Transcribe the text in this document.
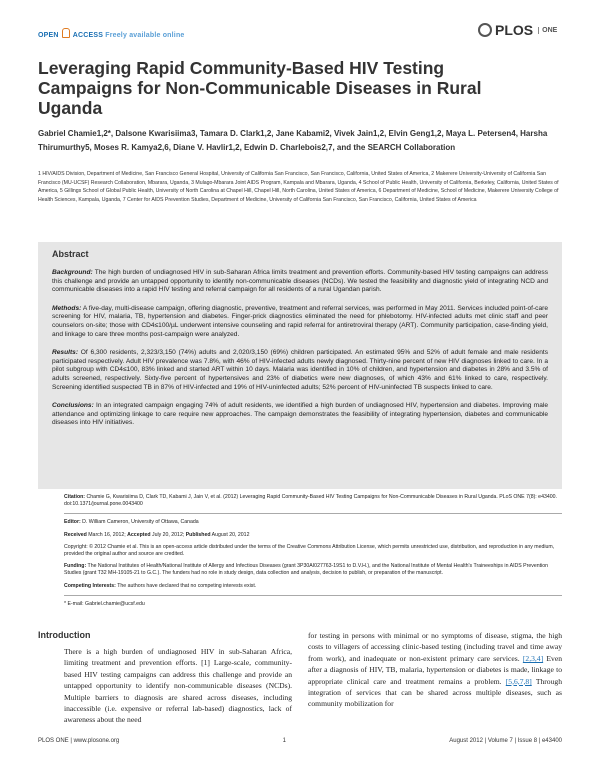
OPEN ACCESS Freely available online	PLOS	ONE
Leveraging Rapid Community-Based HIV Testing Campaigns for Non-Communicable Diseases in Rural Uganda
Gabriel Chamie1,2*, Dalsone Kwarisiima3, Tamara D. Clark1,2, Jane Kabami2, Vivek Jain1,2, Elvin Geng1,2, Maya L. Petersen4, Harsha Thirumurthy5, Moses R. Kamya2,6, Diane V. Havlir1,2, Edwin D. Charlebois2,7, and the SEARCH Collaboration
1 HIV/AIDS Division, Department of Medicine, San Francisco General Hospital, University of California San Francisco, San Francisco, California, United States of America, 2 Makerere University-University of California San Francisco (MU-UCSF) Research Collaboration, Mbarara, Uganda, 3 Mulago-Mbarara Joint AIDS Program, Kampala and Mbarara, Uganda, 4 School of Public Health, University of California, Berkeley, California, United States of America, 5 Gillings School of Global Public Health, University of North Carolina at Chapel Hill, Chapel Hill, North Carolina, United States of America, 6 Department of Medicine, School of Medicine, Makerere University College of Health Sciences, Kampala, Uganda, 7 Center for AIDS Prevention Studies, Department of Medicine, University of California San Francisco, San Francisco, California, United States of America
Abstract

Background: The high burden of undiagnosed HIV in sub-Saharan Africa limits treatment and prevention efforts. Community-based HIV testing campaigns can address this challenge and provide an untapped opportunity to identify non-communicable diseases (NCDs). We tested the feasibility and diagnostic yield of integrating NCD and communicable diseases into a rapid HIV testing and referral campaign for all residents of a rural Ugandan parish.

Methods: A five-day, multi-disease campaign, offering diagnostic, preventive, treatment and referral services, was performed in May 2011. Services included point-of-care screening for HIV, malaria, TB, hypertension and diabetes. Finger-prick diagnostics eliminated the need for phlebotomy. HIV-infected adults met clinic staff and peer counselors on-site; those with CD4≤100/µL underwent intensive counseling and rapid referral for antiretroviral therapy (ART). Community participation, case-finding yield, and linkage to care three months post-campaign were analyzed.

Results: Of 6,300 residents, 2,323/3,150 (74%) adults and 2,020/3,150 (69%) children participated. An estimated 95% and 52% of adult female and male residents participated respectively. Adult HIV prevalence was 7.8%, with 46% of HIV-infected adults newly diagnosed. Thirty-nine percent of new HIV diagnoses linked to care. In a pilot subgroup with CD4≤100, 83% linked and started ART within 10 days. Malaria was identified in 10% of children, and hypertension and diabetes in 28% and 3.5% of adults screened, respectively. Sixty-five percent of hypertensives and 23% of diabetics were new diagnoses, of which 43% and 61% linked to care, respectively. Screening identified suspected TB in 87% of HIV-infected and 19% of HIV-uninfected adults; 52% percent of HIV-uninfected TB suspects linked to care.

Conclusions: In an integrated campaign engaging 74% of adult residents, we identified a high burden of undiagnosed HIV, hypertension and diabetes. Improving male attendance and optimizing linkage to care require new approaches. The campaign demonstrates the feasibility of integrating hypertension, diabetes and communicable diseases into HIV initiatives.

Citation: Chamie G, Kwarisiima D, Clark TD, Kabami J, Jain V, et al. (2012) Leveraging Rapid Community-Based HIV Testing Campaigns for Non-Communicable Diseases in Rural Uganda. PLoS ONE 7(8): e43400. doi:10.1371/journal.pone.0043400

Editor: D. William Cameron, University of Ottawa, Canada

Received March 16, 2012; Accepted July 20, 2012; Published August 20, 2012

Copyright: © 2012 Chamie et al. This is an open-access article distributed under the terms of the Creative Commons Attribution License, which permits unrestricted use, distribution, and reproduction in any medium, provided the original author and source are credited.

Funding: The National Institutes of Health/National Institute of Allergy and Infectious Diseases (grant 3P30AI027763-19S1 to D.V.H.), and the National Institute of Mental Health's Traineeships in AIDS Prevention Studies (grant T32 MH-19105-21 to G.C.). The funders had no role in study design, data collection and analysis, decision to publish, or preparation of the manuscript.

Competing Interests: The authors have declared that no competing interests exist.

* E-mail: Gabriel.chamie@ucsf.edu

Introduction
There is a high burden of undiagnosed HIV in sub-Saharan Africa, limiting treatment and prevention efforts. [1] Large-scale, community-based HIV testing campaigns can address this challenge and provide an untapped opportunity to identify non-communicable diseases (NCDs). Multiple barriers to diagnosis are shared across diseases, including inaccessible (i.e. expensive or referral lab-based) diagnostics, lack of awareness about the need
for testing in persons with minimal or no symptoms of disease, stigma, the high costs to villagers of accessing clinic-based testing (including travel and time away from work), and inadequate or non-existent primary care services. [2,3,4] Even after a diagnosis of HIV, TB, malaria, hypertension or diabetes is made, linkage to appropriate clinical care and treatment remains a problem. [5,6,7,8] Through integration of services that can be shared across multiple diseases, such as community mobilization for
PLOS ONE | www.plosone.org	1	August 2012 | Volume 7 | Issue 8 | e43400
